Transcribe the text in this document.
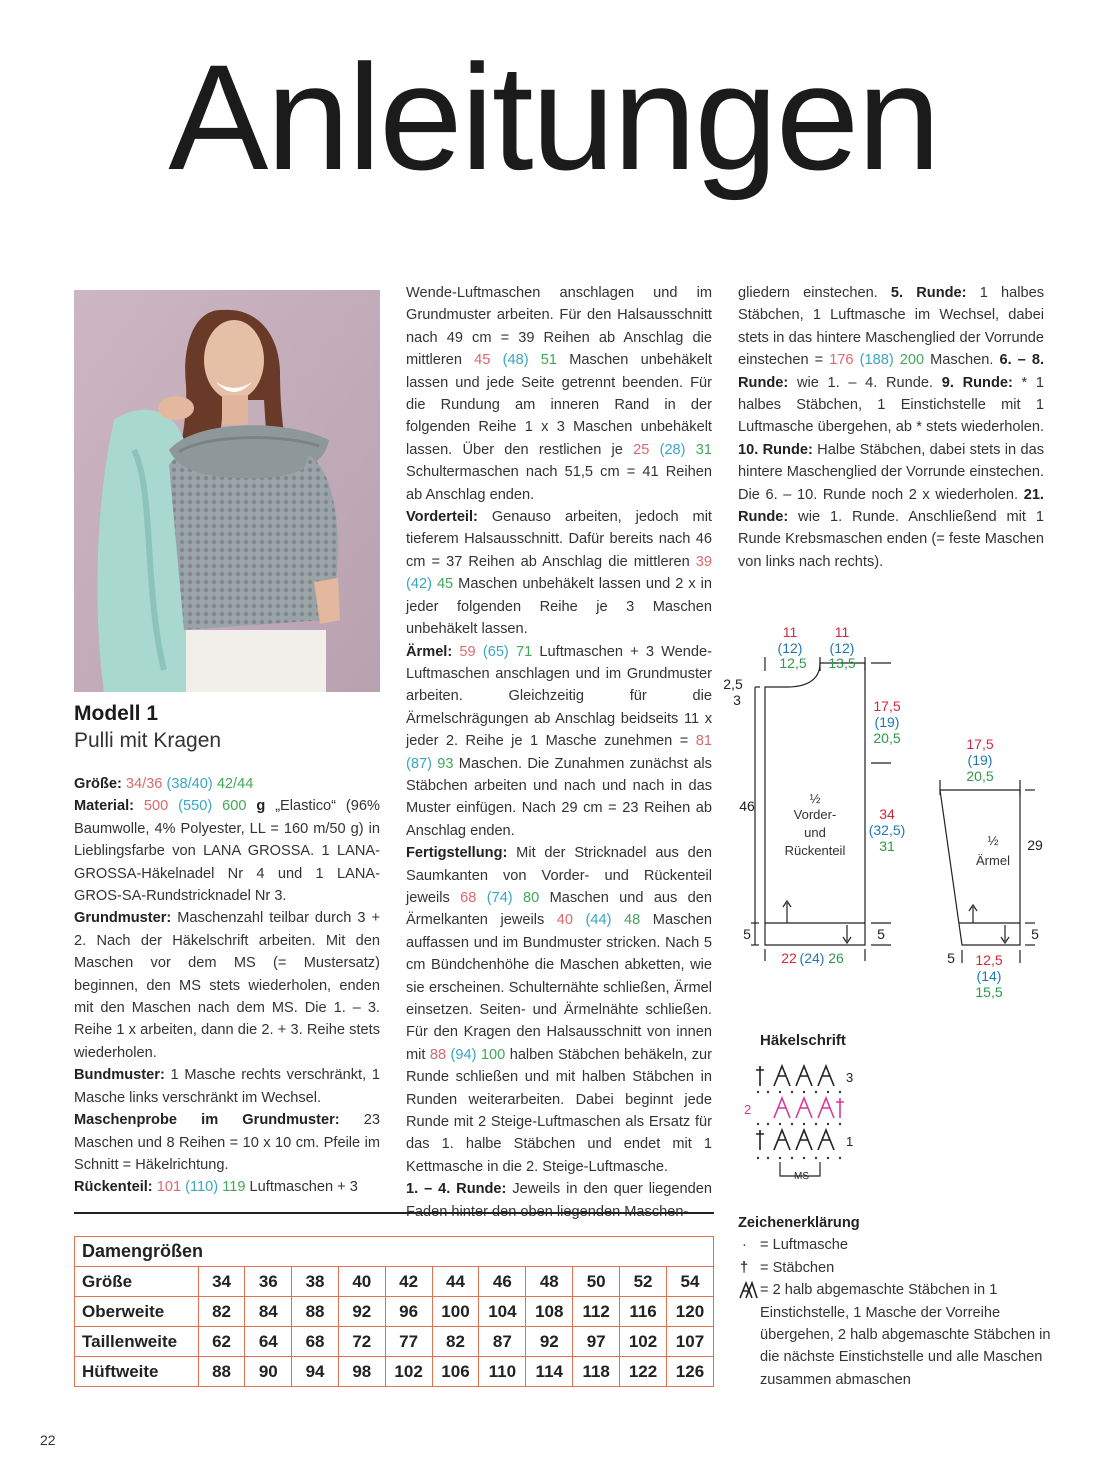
Anleitungen
Modell 1
Pulli mit Kragen

Größe: 34/36 (38/40) 42/44

Material: 500 (550) 600 g „Elastico“ (96% Baumwolle, 4% Polyester, LL = 160 m/50 g) in Lieblingsfarbe von LANA GROSSA. 1 LANA-GROSSA-Häkelnadel Nr 4 und 1 LANA-GROS-SA-Rundstricknadel Nr 3.

Grundmuster: Maschenzahl teilbar durch 3 + 2. Nach der Häkelschrift arbeiten. Mit den Maschen vor dem MS (= Mustersatz) beginnen, den MS stets wiederholen, enden mit den Maschen nach dem MS. Die 1. – 3. Reihe 1 x arbeiten, dann die 2. + 3. Reihe stets wiederholen.

Bundmuster: 1 Masche rechts verschränkt, 1 Masche links verschränkt im Wechsel.

Maschenprobe im Grundmuster: 23 Maschen und 8 Reihen = 10 x 10 cm. Pfeile im Schnitt = Häkelrichtung.

Rückenteil: 101 (110) 119 Luftmaschen + 3

Wende-Luftmaschen anschlagen und im Grundmuster arbeiten. Für den Halsausschnitt nach 49 cm = 39 Reihen ab Anschlag die mittleren 45 (48) 51 Maschen unbehäkelt lassen und jede Seite getrennt beenden. Für die Rundung am inneren Rand in der folgenden Reihe 1 x 3 Maschen unbehäkelt lassen. Über den restlichen je 25 (28) 31 Schultermaschen nach 51,5 cm = 41 Reihen ab Anschlag enden.

Vorderteil: Genauso arbeiten, jedoch mit tieferem Halsausschnitt. Dafür bereits nach 46 cm = 37 Reihen ab Anschlag die mittleren 39 (42) 45 Maschen unbehäkelt lassen und 2 x in jeder folgenden Reihe je 3 Maschen unbehäkelt lassen.

Ärmel: 59 (65) 71 Luftmaschen + 3 Wende-Luftmaschen anschlagen und im Grundmuster arbeiten. Gleichzeitig für die Ärmelschrägungen ab Anschlag beidseits 11 x jeder 2. Reihe je 1 Masche zunehmen = 81 (87) 93 Maschen. Die Zunahmen zunächst als Stäbchen arbeiten und nach und nach in das Muster einfügen. Nach 29 cm = 23 Reihen ab Anschlag enden.

Fertigstellung: Mit der Stricknadel aus den Saumkanten von Vorder- und Rückenteil jeweils 68 (74) 80 Maschen und aus den Ärmelkanten jeweils 40 (44) 48 Maschen auffassen und im Bundmuster stricken. Nach 5 cm Bündchenhöhe die Maschen abketten, wie sie erscheinen. Schulternähte schließen, Ärmel einsetzen. Seiten- und Ärmelnähte schließen. Für den Kragen den Halsausschnitt von innen mit 88 (94) 100 halben Stäbchen behäkeln, zur Runde schließen und mit halben Stäbchen in Runden weiterarbeiten. Dabei beginnt jede Runde mit 2 Steige-Luftmaschen als Ersatz für das 1. halbe Stäbchen und endet mit 1 Kettmasche in die 2. Steige-Luftmasche.

1. – 4. Runde: Jeweils in den quer liegenden

gliedern einstechen. 5. Runde: 1 halbes Stäbchen, 1 Luftmasche im Wechsel, dabei stets in das hintere Maschenglied der Vorrunde einstechen = 176 (188) 200 Maschen. 6. – 8. Runde: wie 1. – 4. Runde. 9. Runde: * 1 halbes Stäbchen, 1 Einstichstelle mit 1 Luftmasche übergehen, ab * stets wiederholen. 10. Runde: Halbe Stäbchen, dabei stets in das hintere Maschenglied der Vorrunde einstechen. Die 6. – 10. Runde noch 2 x wiederholen. 21. Runde: wie 1. Runde. Anschließend mit 1 Runde Krebsmaschen enden (= feste Maschen von links nach rechts).

11
(12)
12,5
11
(12)
13,5
2,5
3
46
17,5
(19)
20,5
34
(32,5)
31
½
Vorder-
und
Rückenteil
5	5
22 (24) 26
17,5
(19)
20,5
½
Ärmel
29
5
5
12,5
(14)
15,5
Häkelschrift
3
2
1
MS
Zeichenerklärung
· = Luftmasche
† = Stäbchen
= 2 halb abgemaschte Stäbchen in 1 Einstichstelle, 1 Masche der Vorreihe übergehen, 2 halb abgemaschte Stäbchen in die nächste Einstichstelle und alle Maschen zusammen abmaschen
Damengrößen											
Größe	34	36	38	40	42	44	46	48	50	52	54
Oberweite	82	84	88	92	96	100	104	108	112	116	120
Taillenweite	62	64	68	72	77	82	87	92	97	102	107
Hüftweite	88	90	94	98	102	106	110	114	118	122	126
22
